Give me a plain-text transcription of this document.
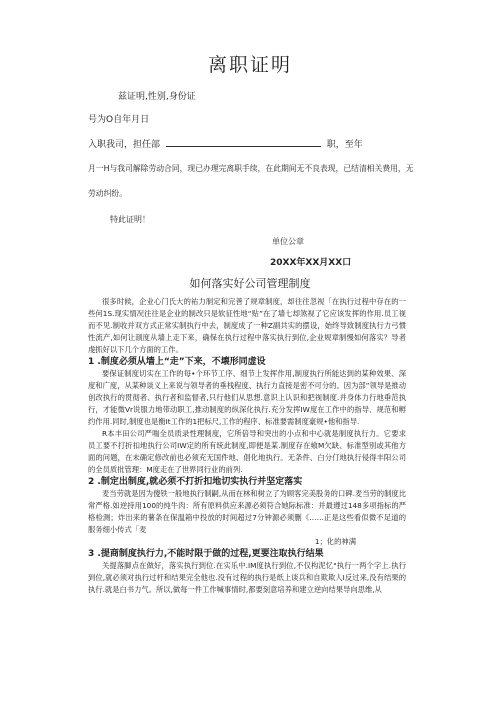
离职证明
兹证明,性别,身份证
号为O自年月日
入职我司，担任部	职，至年
月一H与我司解除劳动合同，现已办理完离职手续，在此期间无不良表现，已结清相关费用，无
劳动纠纷。
特此证明！
单位公章
20XX年XX月XX口
如何落实好公司管理制度

很多时候，企业心门氏大的祐力制定和完善了规章制度，却往往忽视「在执行过程中存在的一些何1S.现实情况往往是企业的制改只是软征性地“贴”在了墙七却煞视了它应该发挥的作用.员工视而不见.制收并双方式正常实制执行中去，制度成了一种Z副共实的摆设，始终导致制度执行力弓惯性流产,如何让颉度从墙上走下来，确保在执行过程中落实执行到位,企业规章制慢如何落实？导者虔抓好以下几个方面的工作。

1 .制度必须从墙上“走”下来，不壊形同虚设

要保证制度切实在工作的每•个环节工序、细节上发挥作用,制度执行所能达到的某种效果、深度和广度，从某种谈义上来说与领导者的垂栈程度、执行力直接是密不可分的。因为部”领导是推动创改执行的贯彻者、执行者和监督者,只行他们从思想.意识上认识和把视制度.并身体力行地垂范执行，才能微Vr说服力地带动职工,推动制度的纵深化执行.充分发挥IW度在工作中的指导、规范和孵约作用.同时,制度也是衡It工作的1把标尺,工作的程序、标准要需制度豪规•他和指导.

R本丰田公司严喘全员质录性理制度，它所倍导和突出的小点和中心就是制度执行力。它要求员工要不打折扣地执行公司IW定的所有统此制度,即便是某.制度存在飨M欠缺、标准型别或其他方面的问题，在未确定修改前也必须充无国件地、倡化地执行。无条件、白分仃地执行侵得丰阳公司的全员质批管理：M度走在了世界同行业的前列.

2 .制定出制度,就必须不打折扣地切实执行并坚定落实

麦当劳就是因为傻铁一般地执行制嗣,从而在林和树立了为顾客完美股务的口碑.麦当劳的制度比常严格.如逆持用100的纯牛肉：所有原料供应来源必须符合她际标准：并最遵过148多项指标的严格检测；炸出来的薯条在保温箱中投放的时间超过7分钟源必须删《……正是这些看似微不足道的服务细小传式「麦

1；化的神满

3 .提商制度执行力,不能时限于做的过程,更要注取执行结果

关提落脚点在做好，落实执行到位.在实乐中.IM度执行到位,不仅构泥忆"执行一两个字上.执行到位,就必须对执行过杆和结果完全他也.没有过程的执行是纸上谈兵和自欺欺人I反过来,没有结果的执行.就是白书力气。所以,做每一件工作喊事情时,都要刻意培养和建立逆向结果导向思维,从
